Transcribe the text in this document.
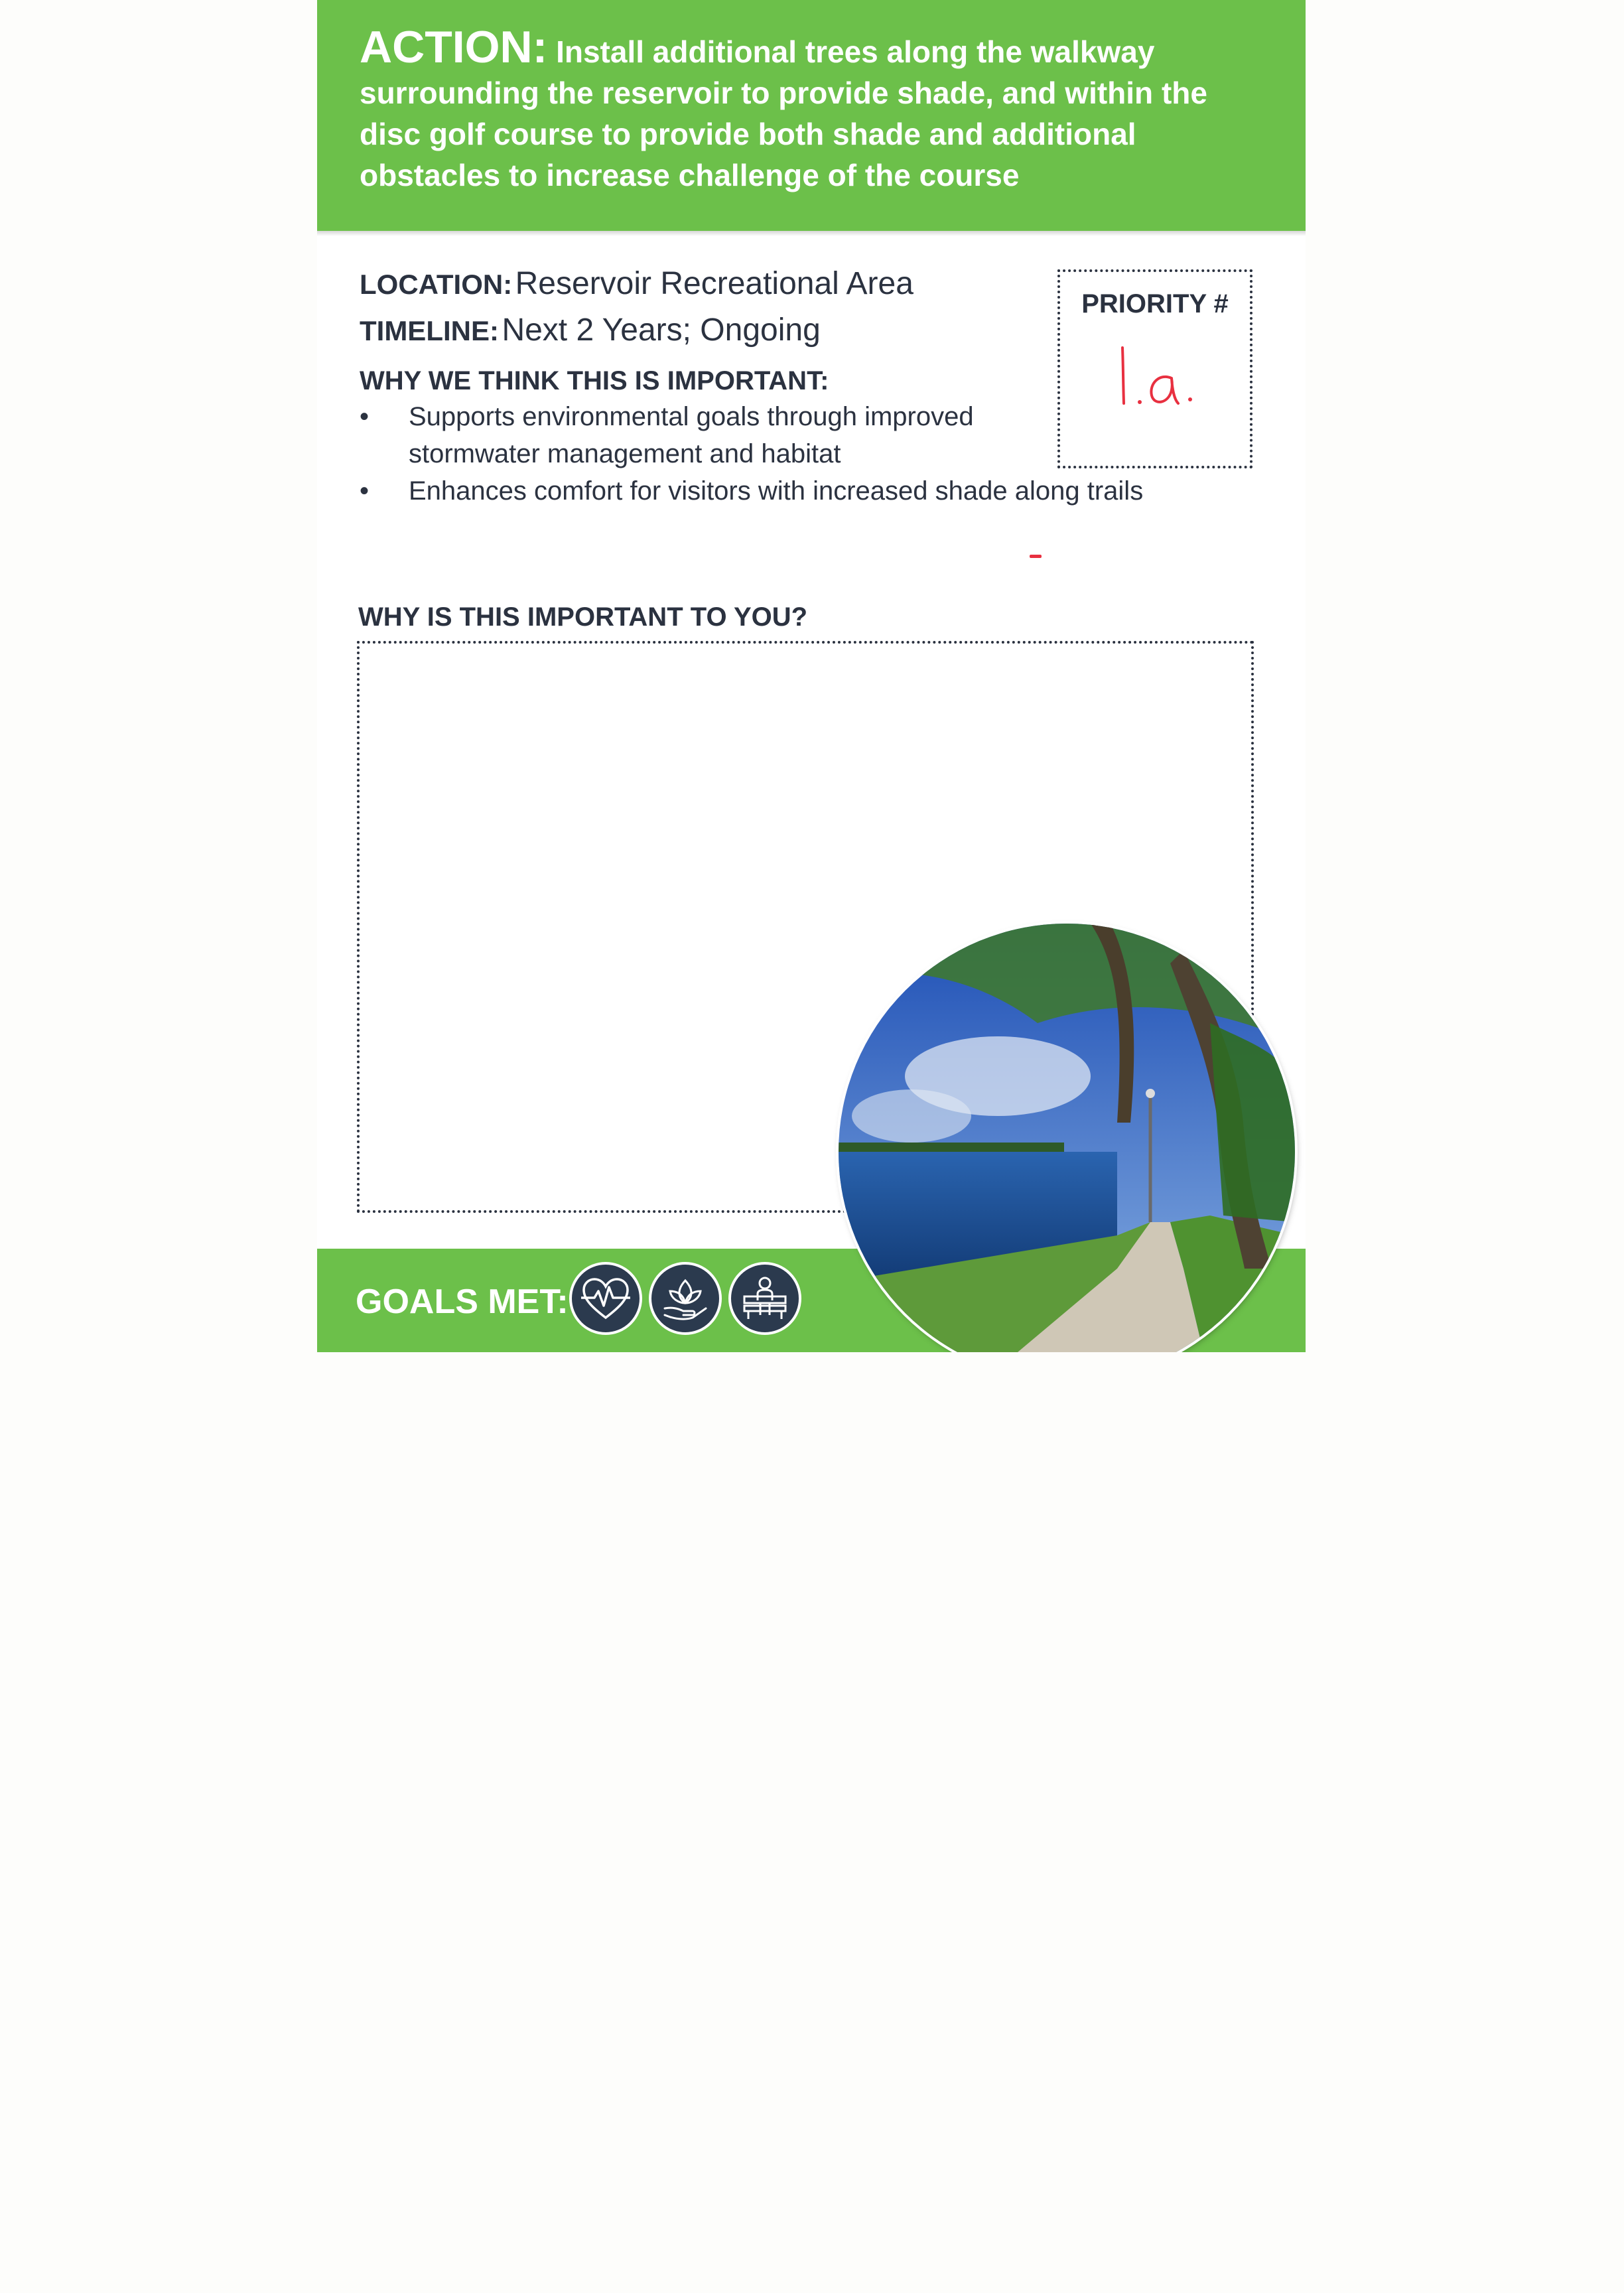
ACTION: Install additional trees along the walkway surrounding the reservoir to provide shade, and within the disc golf course to provide both shade and additional obstacles to increase challenge of the course
LOCATION: Reservoir Recreational Area
TIMELINE: Next 2 Years; Ongoing
WHY WE THINK THIS IS IMPORTANT:
• Supports environmental goals through improved stormwater management and habitat
• Enhances comfort for visitors with increased shade along trails
PRIORITY #
WHY IS THIS IMPORTANT TO YOU?
GOALS MET:
